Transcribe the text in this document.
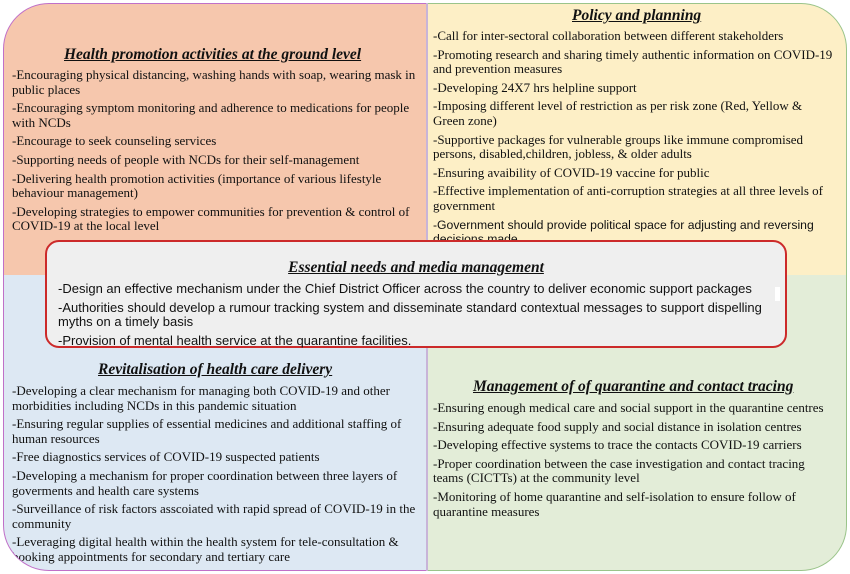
Health promotion activities at the ground level
-Encouraging physical distancing, washing hands with soap, wearing mask in public places
-Encouraging symptom monitoring and adherence to medications for people with NCDs
-Encourage to seek counseling services
-Supporting needs of people with NCDs for their self-management
-Delivering health promotion activities (importance of various lifestyle behaviour management)
-Developing strategies to empower communities for prevention & control of COVID-19 at the local level
Policy and planning
-Call for inter-sectoral collaboration between different stakeholders
-Promoting research and sharing timely authentic information on COVID-19 and prevention measures
-Developing 24X7 hrs helpline support
-Imposing different level of restriction as per risk zone (Red, Yellow & Green zone)
-Supportive packages for vulnerable groups like immune compromised persons, disabled,children, jobless, & older adults
-Ensuring avaibility of COVID-19 vaccine for public
-Effective implementation of anti-corruption strategies at all three levels of government
-Government should provide political space for adjusting and reversing
Revitalisation of health care delivery
-Developing a clear mechanism for managing both COVID-19 and other morbidities including NCDs in this pandemic situation
-Ensuring regular supplies of essential medicines and additional staffing of human resources
-Free diagnostics services of COVID-19 suspected patients
-Developing a mechanism for proper coordination between three layers of goverments and health care systems
-Surveillance of risk factors asscoiated with rapid spread of COVID-19 in the community
-Leveraging digital health within the health system for tele-consultation & booking appointments for secondary and tertiary care
Management of of quarantine and contact tracing
-Ensuring enough medical care and social support in the quarantine centres
-Ensuring adequate food supply and social distance in isolation centres
-Developing effective systems to trace the contacts COVID-19 carriers
-Proper coordination between the case investigation and contact tracing teams (CICTTs) at the community level
-Monitoring of home quarantine and self-isolation to ensure follow of quarantine measures
Essential needs and media management
-Design an effective mechanism under the Chief District Officer across the country to deliver economic support packages
-Authorities should develop a rumour tracking system and disseminate standard contextual messages to support dispelling myths on a timely basis
-Provision of mental health service at the quarantine facilities.
